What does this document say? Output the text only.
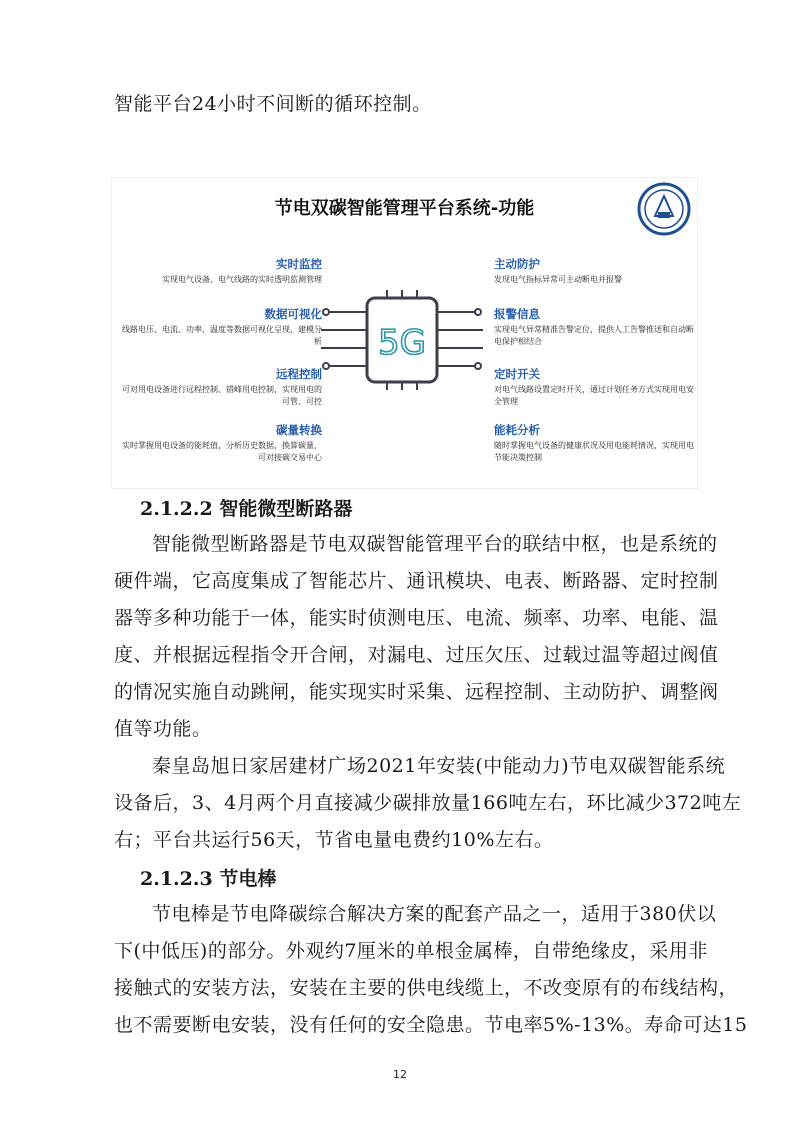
智能平台24小时不间断的循环控制。
节电双碳智能管理平台系统-功能
实时监控
实现电气设备、电气线路的实时透明监测管理
数据可视化
线路电压、电流、功率、温度等数据可视化呈现，建模分析
远程控制
可对用电设备进行远程控制、错峰用电控制，实现用电的可管、可控
碳量转换
实时掌握用电设备的能耗值，分析历史数据，换算碳量，可对接碳交易中心
5G
主动防护
发现电气指标异常可主动断电并报警
报警信息
实现电气异常精准告警定位，提供人工告警推送和自动断电保护相结合
定时开关
对电气线路设置定时开关，通过计划任务方式实现用电安全管理
能耗分析
随时掌握电气设备的健康状况及用电能耗情况，实现用电节能决策控制
2.1.2.2 智能微型断路器
智能微型断路器是节电双碳智能管理平台的联结中枢，也是系统的
硬件端，它高度集成了智能芯片、通讯模块、电表、断路器、定时控制
器等多种功能于一体，能实时侦测电压、电流、频率、功率、电能、温
度、并根据远程指令开合闸，对漏电、过压欠压、过载过温等超过阀值
的情况实施自动跳闸，能实现实时采集、远程控制、主动防护、调整阀
值等功能。
秦皇岛旭日家居建材广场2021年安装(中能动力)节电双碳智能系统
设备后，3、4月两个月直接减少碳排放量166吨左右，环比减少372吨左
右；平台共运行56天，节省电量电费约10%左右。
2.1.2.3 节电棒
节电棒是节电降碳综合解决方案的配套产品之一，适用于380伏以
下(中低压)的部分。外观约7厘米的单根金属棒，自带绝缘皮，采用非
接触式的安装方法，安装在主要的供电线缆上，不改变原有的布线结构，
也不需要断电安装，没有任何的安全隐患。节电率5%-13%。寿命可达15
12
